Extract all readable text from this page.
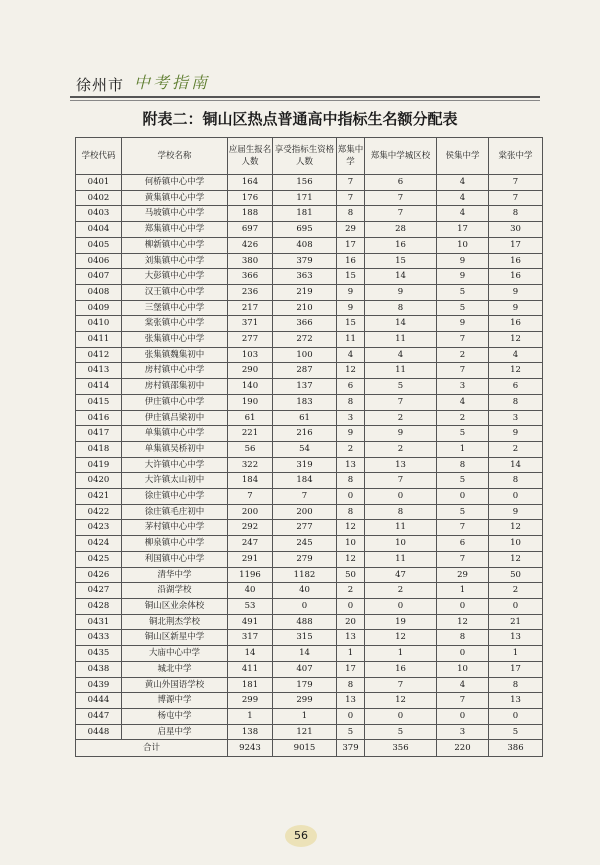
徐州市 中考指南
附表二：铜山区热点普通高中指标生名额分配表
学校代码	学校名称	应届生报名人数	享受指标生资格人数	郑集中学	郑集中学城区校	侯集中学	棠张中学
0401	何桥镇中心中学	164	156	7	6	4	7
0402	黄集镇中心中学	176	171	7	7	4	7
0403	马坡镇中心中学	188	181	8	7	4	8
0404	郑集镇中心中学	697	695	29	28	17	30
0405	柳新镇中心中学	426	408	17	16	10	17
0406	刘集镇中心中学	380	379	16	15	9	16
0407	大彭镇中心中学	366	363	15	14	9	16
0408	汉王镇中心中学	236	219	9	9	5	9
0409	三堡镇中心中学	217	210	9	8	5	9
0410	棠张镇中心中学	371	366	15	14	9	16
0411	张集镇中心中学	277	272	11	11	7	12
0412	张集镇魏集初中	103	100	4	4	2	4
0413	房村镇中心中学	290	287	12	11	7	12
0414	房村镇邵集初中	140	137	6	5	3	6
0415	伊庄镇中心中学	190	183	8	7	4	8
0416	伊庄镇吕梁初中	61	61	3	2	2	3
0417	单集镇中心中学	221	216	9	9	5	9
0418	单集镇吴桥初中	56	54	2	2	1	2
0419	大许镇中心中学	322	319	13	13	8	14
0420	大许镇太山初中	184	184	8	7	5	8
0421	徐庄镇中心中学	7	7	0	0	0	0
0422	徐庄镇毛庄初中	200	200	8	8	5	9
0423	茅村镇中心中学	292	277	12	11	7	12
0424	柳泉镇中心中学	247	245	10	10	6	10
0425	利国镇中心中学	291	279	12	11	7	12
0426	清华中学	1196	1182	50	47	29	50
0427	沿湖学校	40	40	2	2	1	2
0428	铜山区业余体校	53	0	0	0	0	0
0431	铜北荆杰学校	491	488	20	19	12	21
0433	铜山区新星中学	317	315	13	12	8	13
0435	大庙中心中学	14	14	1	1	0	1
0438	城北中学	411	407	17	16	10	17
0439	黄山外国语学校	181	179	8	7	4	8
0444	博源中学	299	299	13	12	7	13
0447	杨屯中学	1	1	0	0	0	0
0448	启星中学	138	121	5	5	3	5
合计		9243	9015	379	356	220	386
56
